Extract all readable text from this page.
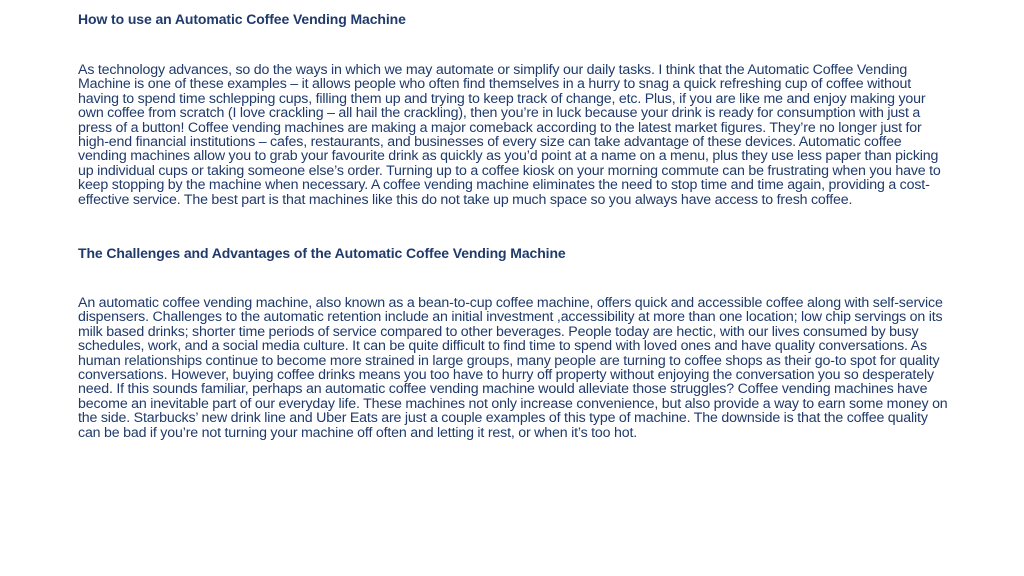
How to use an Automatic Coffee Vending Machine
As technology advances, so do the ways in which we may automate or simplify our daily tasks. I think that the Automatic Coffee Vending Machine is one of these examples – it allows people who often find themselves in a hurry to snag a quick refreshing cup of coffee without having to spend time schlepping cups, filling them up and trying to keep track of change, etc. Plus, if you are like me and enjoy making your own coffee from scratch (I love crackling – all hail the crackling), then you’re in luck because your drink is ready for consumption with just a press of a button! Coffee vending machines are making a major comeback according to the latest market figures. They’re no longer just for high-end financial institutions – cafes, restaurants, and businesses of every size can take advantage of these devices. Automatic coffee vending machines allow you to grab your favourite drink as quickly as you’d point at a name on a menu, plus they use less paper than picking up individual cups or taking someone else’s order. Turning up to a coffee kiosk on your morning commute can be frustrating when you have to keep stopping by the machine when necessary. A coffee vending machine eliminates the need to stop time and time again, providing a cost-effective service. The best part is that machines like this do not take up much space so you always have access to fresh coffee.
The Challenges and Advantages of the Automatic Coffee Vending Machine
An automatic coffee vending machine, also known as a bean-to-cup coffee machine, offers quick and accessible coffee along with self-service dispensers. Challenges to the automatic retention include an initial investment ,accessibility at more than one location; low chip servings on its milk based drinks; shorter time periods of service compared to other beverages. People today are hectic, with our lives consumed by busy schedules, work, and a social media culture. It can be quite difficult to find time to spend with loved ones and have quality conversations. As human relationships continue to become more strained in large groups, many people are turning to coffee shops as their go-to spot for quality conversations. However, buying coffee drinks means you too have to hurry off property without enjoying the conversation you so desperately need. If this sounds familiar, perhaps an automatic coffee vending machine would alleviate those struggles? Coffee vending machines have become an inevitable part of our everyday life. These machines not only increase convenience, but also provide a way to earn some money on the side. Starbucks’ new drink line and Uber Eats are just a couple examples of this type of machine. The downside is that the coffee quality can be bad if you’re not turning your machine off often and letting it rest, or when it’s too hot.
